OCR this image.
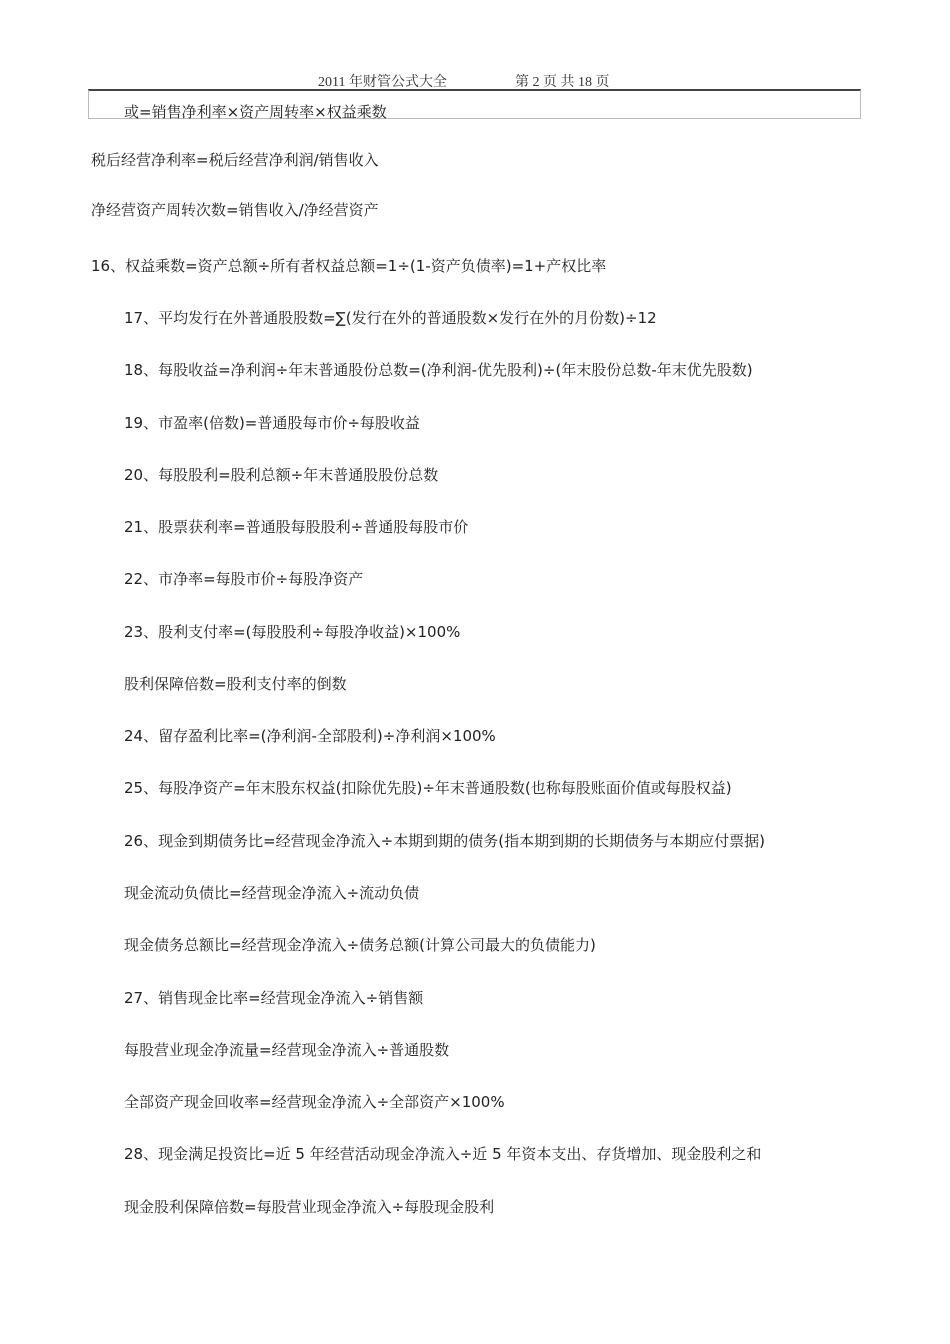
2011 年财管公式大全	第 2 页 共 18 页
或=销售净利率×资产周转率×权益乘数
税后经营净利率=税后经营净利润/销售收入
净经营资产周转次数=销售收入/净经营资产
16、权益乘数=资产总额÷所有者权益总额=1÷(1-资产负债率)=1+产权比率
17、平均发行在外普通股股数=∑(发行在外的普通股数×发行在外的月份数)÷12
18、每股收益=净利润÷年末普通股份总数=(净利润-优先股利)÷(年末股份总数-年末优先股数)
19、市盈率(倍数)=普通股每市价÷每股收益
20、每股股利=股利总额÷年末普通股股份总数
21、股票获利率=普通股每股股利÷普通股每股市价
22、市净率=每股市价÷每股净资产
23、股利支付率=(每股股利÷每股净收益)×100%
股利保障倍数=股利支付率的倒数
24、留存盈利比率=(净利润-全部股利)÷净利润×100%
25、每股净资产=年末股东权益(扣除优先股)÷年末普通股数(也称每股账面价值或每股权益)
26、现金到期债务比=经营现金净流入÷本期到期的债务(指本期到期的长期债务与本期应付票据)
现金流动负债比=经营现金净流入÷流动负债
现金债务总额比=经营现金净流入÷债务总额(计算公司最大的负债能力)
27、销售现金比率=经营现金净流入÷销售额
每股营业现金净流量=经营现金净流入÷普通股数
全部资产现金回收率=经营现金净流入÷全部资产×100%
28、现金满足投资比=近 5 年经营活动现金净流入÷近 5 年资本支出、存货增加、现金股利之和
现金股利保障倍数=每股营业现金净流入÷每股现金股利
